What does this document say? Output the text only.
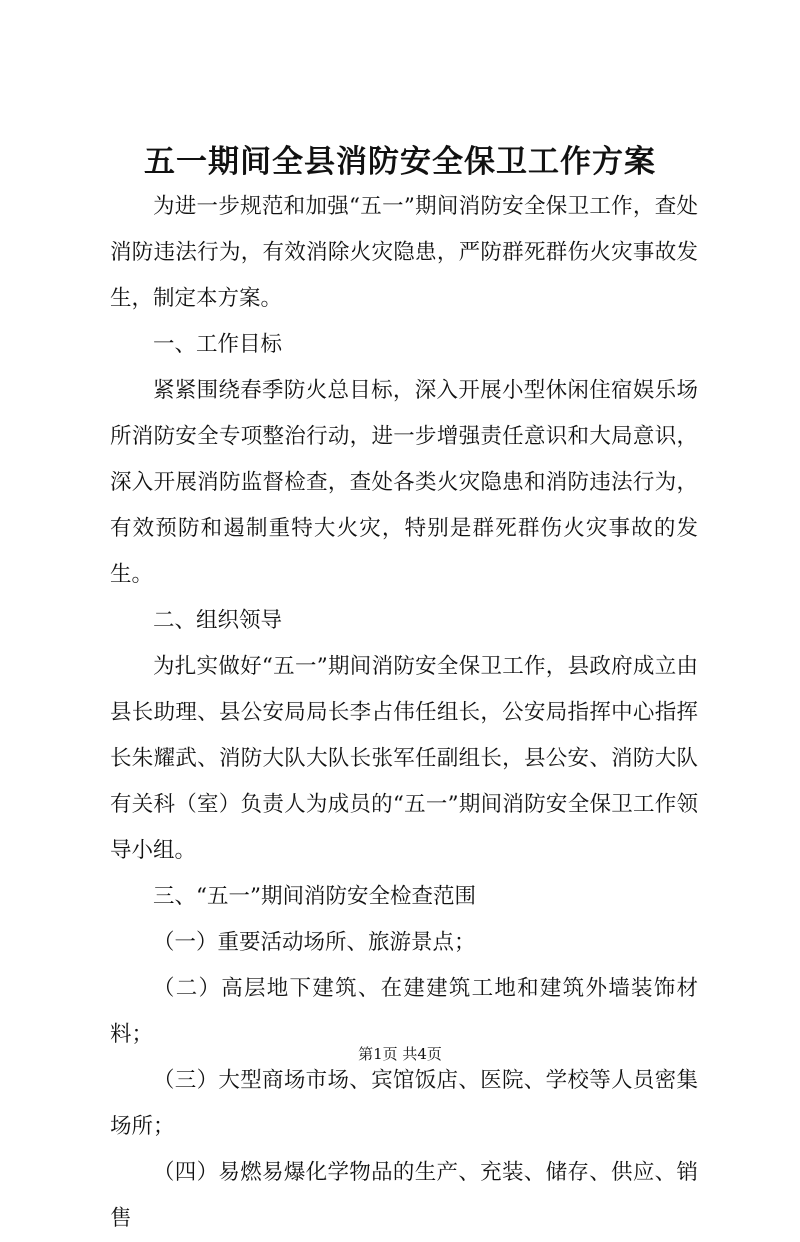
五一期间全县消防安全保卫工作方案

为进一步规范和加强“五一”期间消防安全保卫工作，查处消防违法行为，有效消除火灾隐患，严防群死群伤火灾事故发生，制定本方案。

一、工作目标

紧紧围绕春季防火总目标，深入开展小型休闲住宿娱乐场所消防安全专项整治行动，进一步增强责任意识和大局意识，深入开展消防监督检查，查处各类火灾隐患和消防违法行为，有效预防和遏制重特大火灾，特别是群死群伤火灾事故的发生。

二、组织领导

为扎实做好“五一”期间消防安全保卫工作，县政府成立由县长助理、县公安局局长李占伟任组长，公安局指挥中心指挥长朱耀武、消防大队大队长张军任副组长，县公安、消防大队有关科（室）负责人为成员的“五一”期间消防安全保卫工作领导小组。

三、“五一”期间消防安全检查范围

（一）重要活动场所、旅游景点；

（二）高层地下建筑、在建建筑工地和建筑外墙装饰材料；

（三）大型商场市场、宾馆饭店、医院、学校等人员密集场所；

（四）易燃易爆化学物品的生产、充装、储存、供应、销售

第1页 共4页
